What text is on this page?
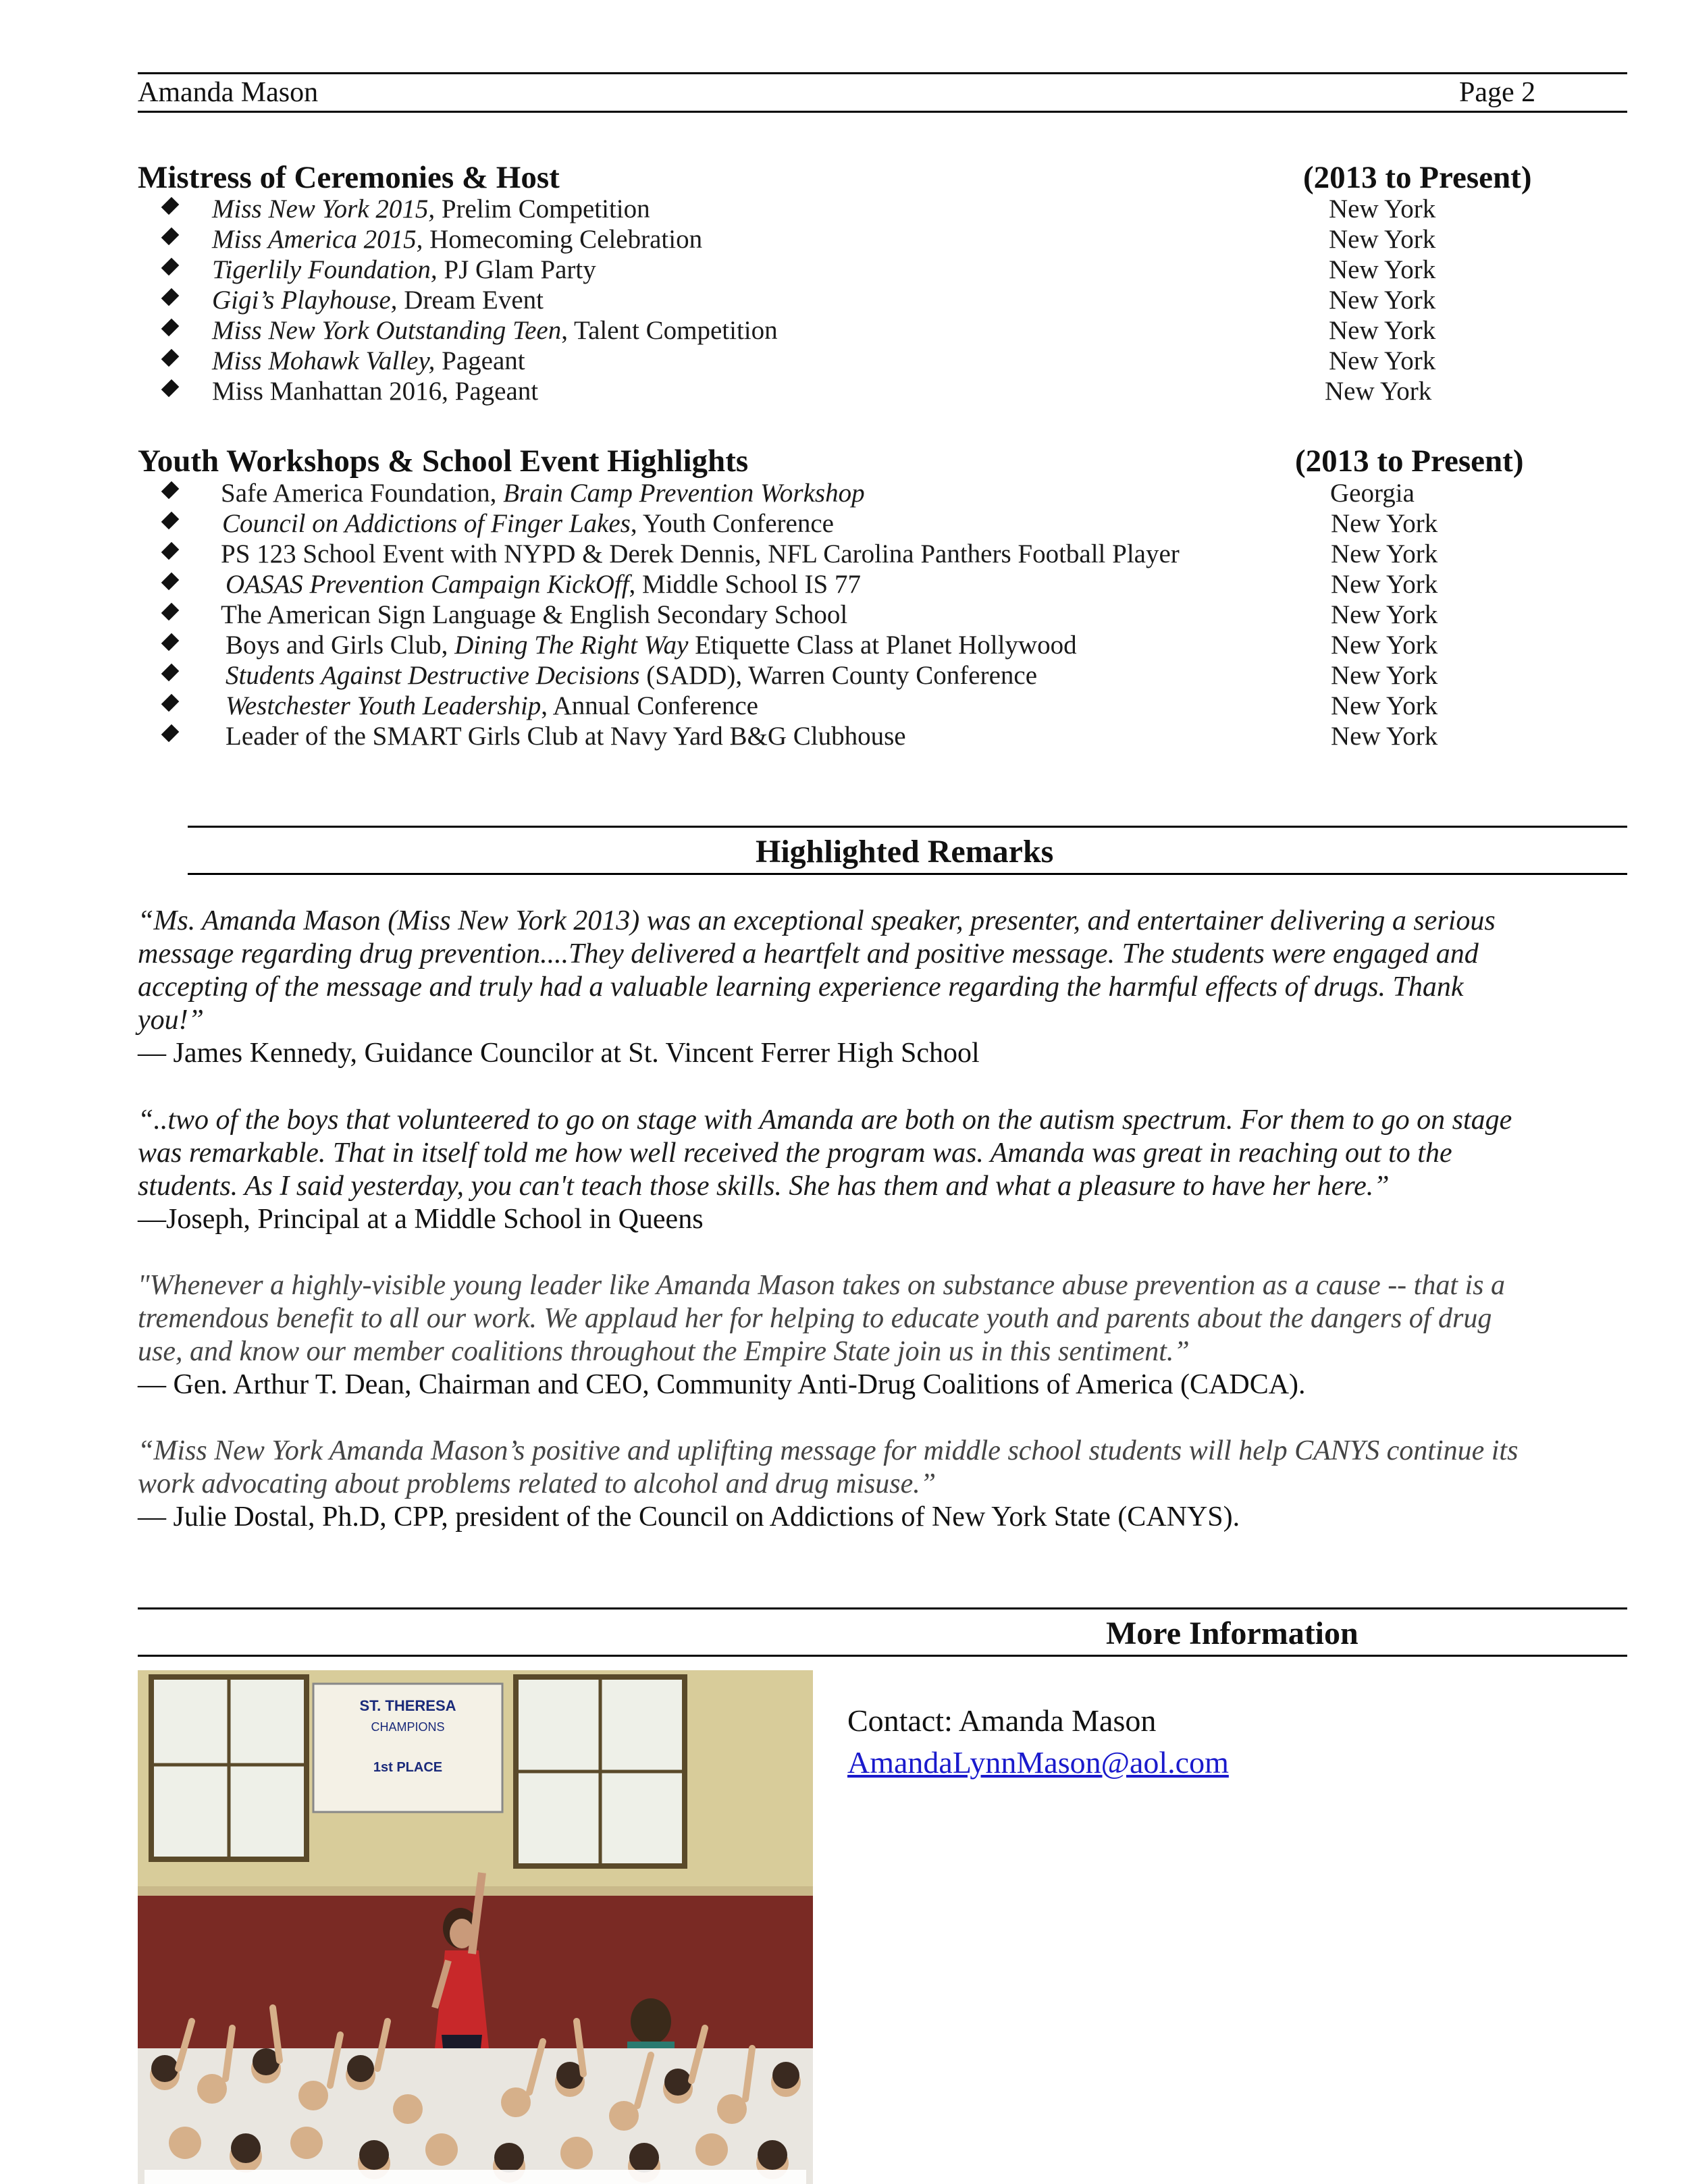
Amanda Mason	Page 2
Mistress of Ceremonies & Host	(2013 to Present)
Miss New York 2015, Prelim Competition	New York
Miss America 2015, Homecoming Celebration	New York
Tigerlily Foundation, PJ Glam Party	New York
Gigi’s Playhouse, Dream Event	New York
Miss New York Outstanding Teen, Talent Competition	New York
Miss Mohawk Valley, Pageant	New York
Miss Manhattan 2016, Pageant	New York
Youth Workshops & School Event Highlights	(2013 to Present)
Safe America Foundation, Brain Camp Prevention Workshop	Georgia
Council on Addictions of Finger Lakes, Youth Conference	New York
PS 123 School Event with NYPD & Derek Dennis, NFL Carolina Panthers Football Player	New York
OASAS Prevention Campaign KickOff, Middle School IS 77	New York
The American Sign Language & English Secondary School	New York
Boys and Girls Club, Dining The Right Way Etiquette Class at Planet Hollywood	New York
Students Against Destructive Decisions (SADD), Warren County Conference	New York
Westchester Youth Leadership, Annual Conference	New York
Leader of the SMART Girls Club at Navy Yard B&G Clubhouse	New York
Highlighted Remarks
“Ms. Amanda Mason (Miss New York 2013) was an exceptional speaker, presenter, and entertainer delivering a serious
message regarding drug prevention....They delivered a heartfelt and positive message. The students were engaged and
accepting of the message and truly had a valuable learning experience regarding the harmful effects of drugs. Thank
you!”
— James Kennedy, Guidance Councilor at St. Vincent Ferrer High School
“..two of the boys that volunteered to go on stage with Amanda are both on the autism spectrum. For them to go on stage
was remarkable. That in itself told me how well received the program was. Amanda was great in reaching out to the
students. As I said yesterday, you can't teach those skills. She has them and what a pleasure to have her here.”
—Joseph, Principal at a Middle School in Queens
"Whenever a highly-visible young leader like Amanda Mason takes on substance abuse prevention as a cause -- that is a
tremendous benefit to all our work. We applaud her for helping to educate youth and parents about the dangers of drug
use, and know our member coalitions throughout the Empire State join us in this sentiment.”
— Gen. Arthur T. Dean, Chairman and CEO, Community Anti-Drug Coalitions of America (CADCA).
“Miss New York Amanda Mason’s positive and uplifting message for middle school students will help CANYS continue its
work advocating about problems related to alcohol and drug misuse.”
— Julie Dostal, Ph.D, CPP, president of the Council on Addictions of New York State (CANYS).
More Information
ST. THERESA
CHAMPIONS
1st PLACE
Contact: Amanda Mason
AmandaLynnMason@aol.com
